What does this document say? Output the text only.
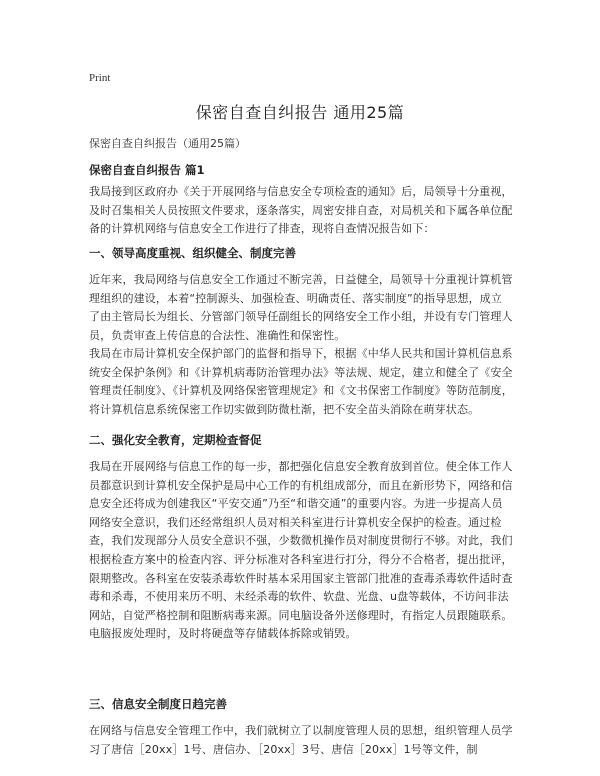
Print
保密自查自纠报告 通用25篇
保密自查自纠报告（通用25篇）
保密自查自纠报告 篇1

我局接到区政府办《关于开展网络与信息安全专项检查的通知》后，局领导十分重视，及时召集相关人员按照文件要求，逐条落实，周密安排自查，对局机关和下属各单位配备的计算机网络与信息安全工作进行了排查，现将自查情况报告如下：

一、领导高度重视、组织健全、制度完善

近年来，我局网络与信息安全工作通过不断完善，日益健全，局领导十分重视计算机管理组织的建设，本着“控制源头、加强检查、明确责任、落实制度”的指导思想，成立了由主管局长为组长、分管部门领导任副组长的网络安全工作小组，并设有专门管理人员，负责审查上传信息的合法性、准确性和保密性。

我局在市局计算机安全保护部门的监督和指导下，根据《中华人民共和国计算机信息系统安全保护条例》和《计算机病毒防治管理办法》等法规、规定，建立和健全了《安全管理责任制度》、《计算机及网络保密管理规定》和《文书保密工作制度》等防范制度，将计算机信息系统保密工作切实做到防微杜渐，把不安全苗头消除在萌芽状态。

二、强化安全教育，定期检查督促

我局在开展网络与信息工作的每一步，都把强化信息安全教育放到首位。使全体工作人员都意识到计算机安全保护是局中心工作的有机组成部分，而且在新形势下，网络和信息安全还将成为创建我区“平安交通”乃至“和谐交通”的重要内容。为进一步提高人员网络安全意识，我们还经常组织人员对相关科室进行计算机安全保护的检查。通过检查，我们发现部分人员安全意识不强，少数微机操作员对制度贯彻行不够。对此，我们根据检查方案中的检查内容、评分标准对各科室进行打分，得分不合格者，提出批评，限期整改。各科室在安装杀毒软件时基本采用国家主管部门批准的查毒杀毒软件适时查毒和杀毒，不使用来历不明、未经杀毒的软件、软盘、光盘、u盘等载体，不访问非法网站，自觉严格控制和阻断病毒来源。同电脑设备外送修理时，有指定人员跟随联系。电脑报废处理时，及时将硬盘等存储载体拆除或销毁。

三、信息安全制度日趋完善

在网络与信息安全管理工作中，我们就树立了以制度管理人员的思想，组织管理人员学习了唐信［20xx］1号、唐信办、［20xx］3号、唐信［20xx］1号等文件，制
